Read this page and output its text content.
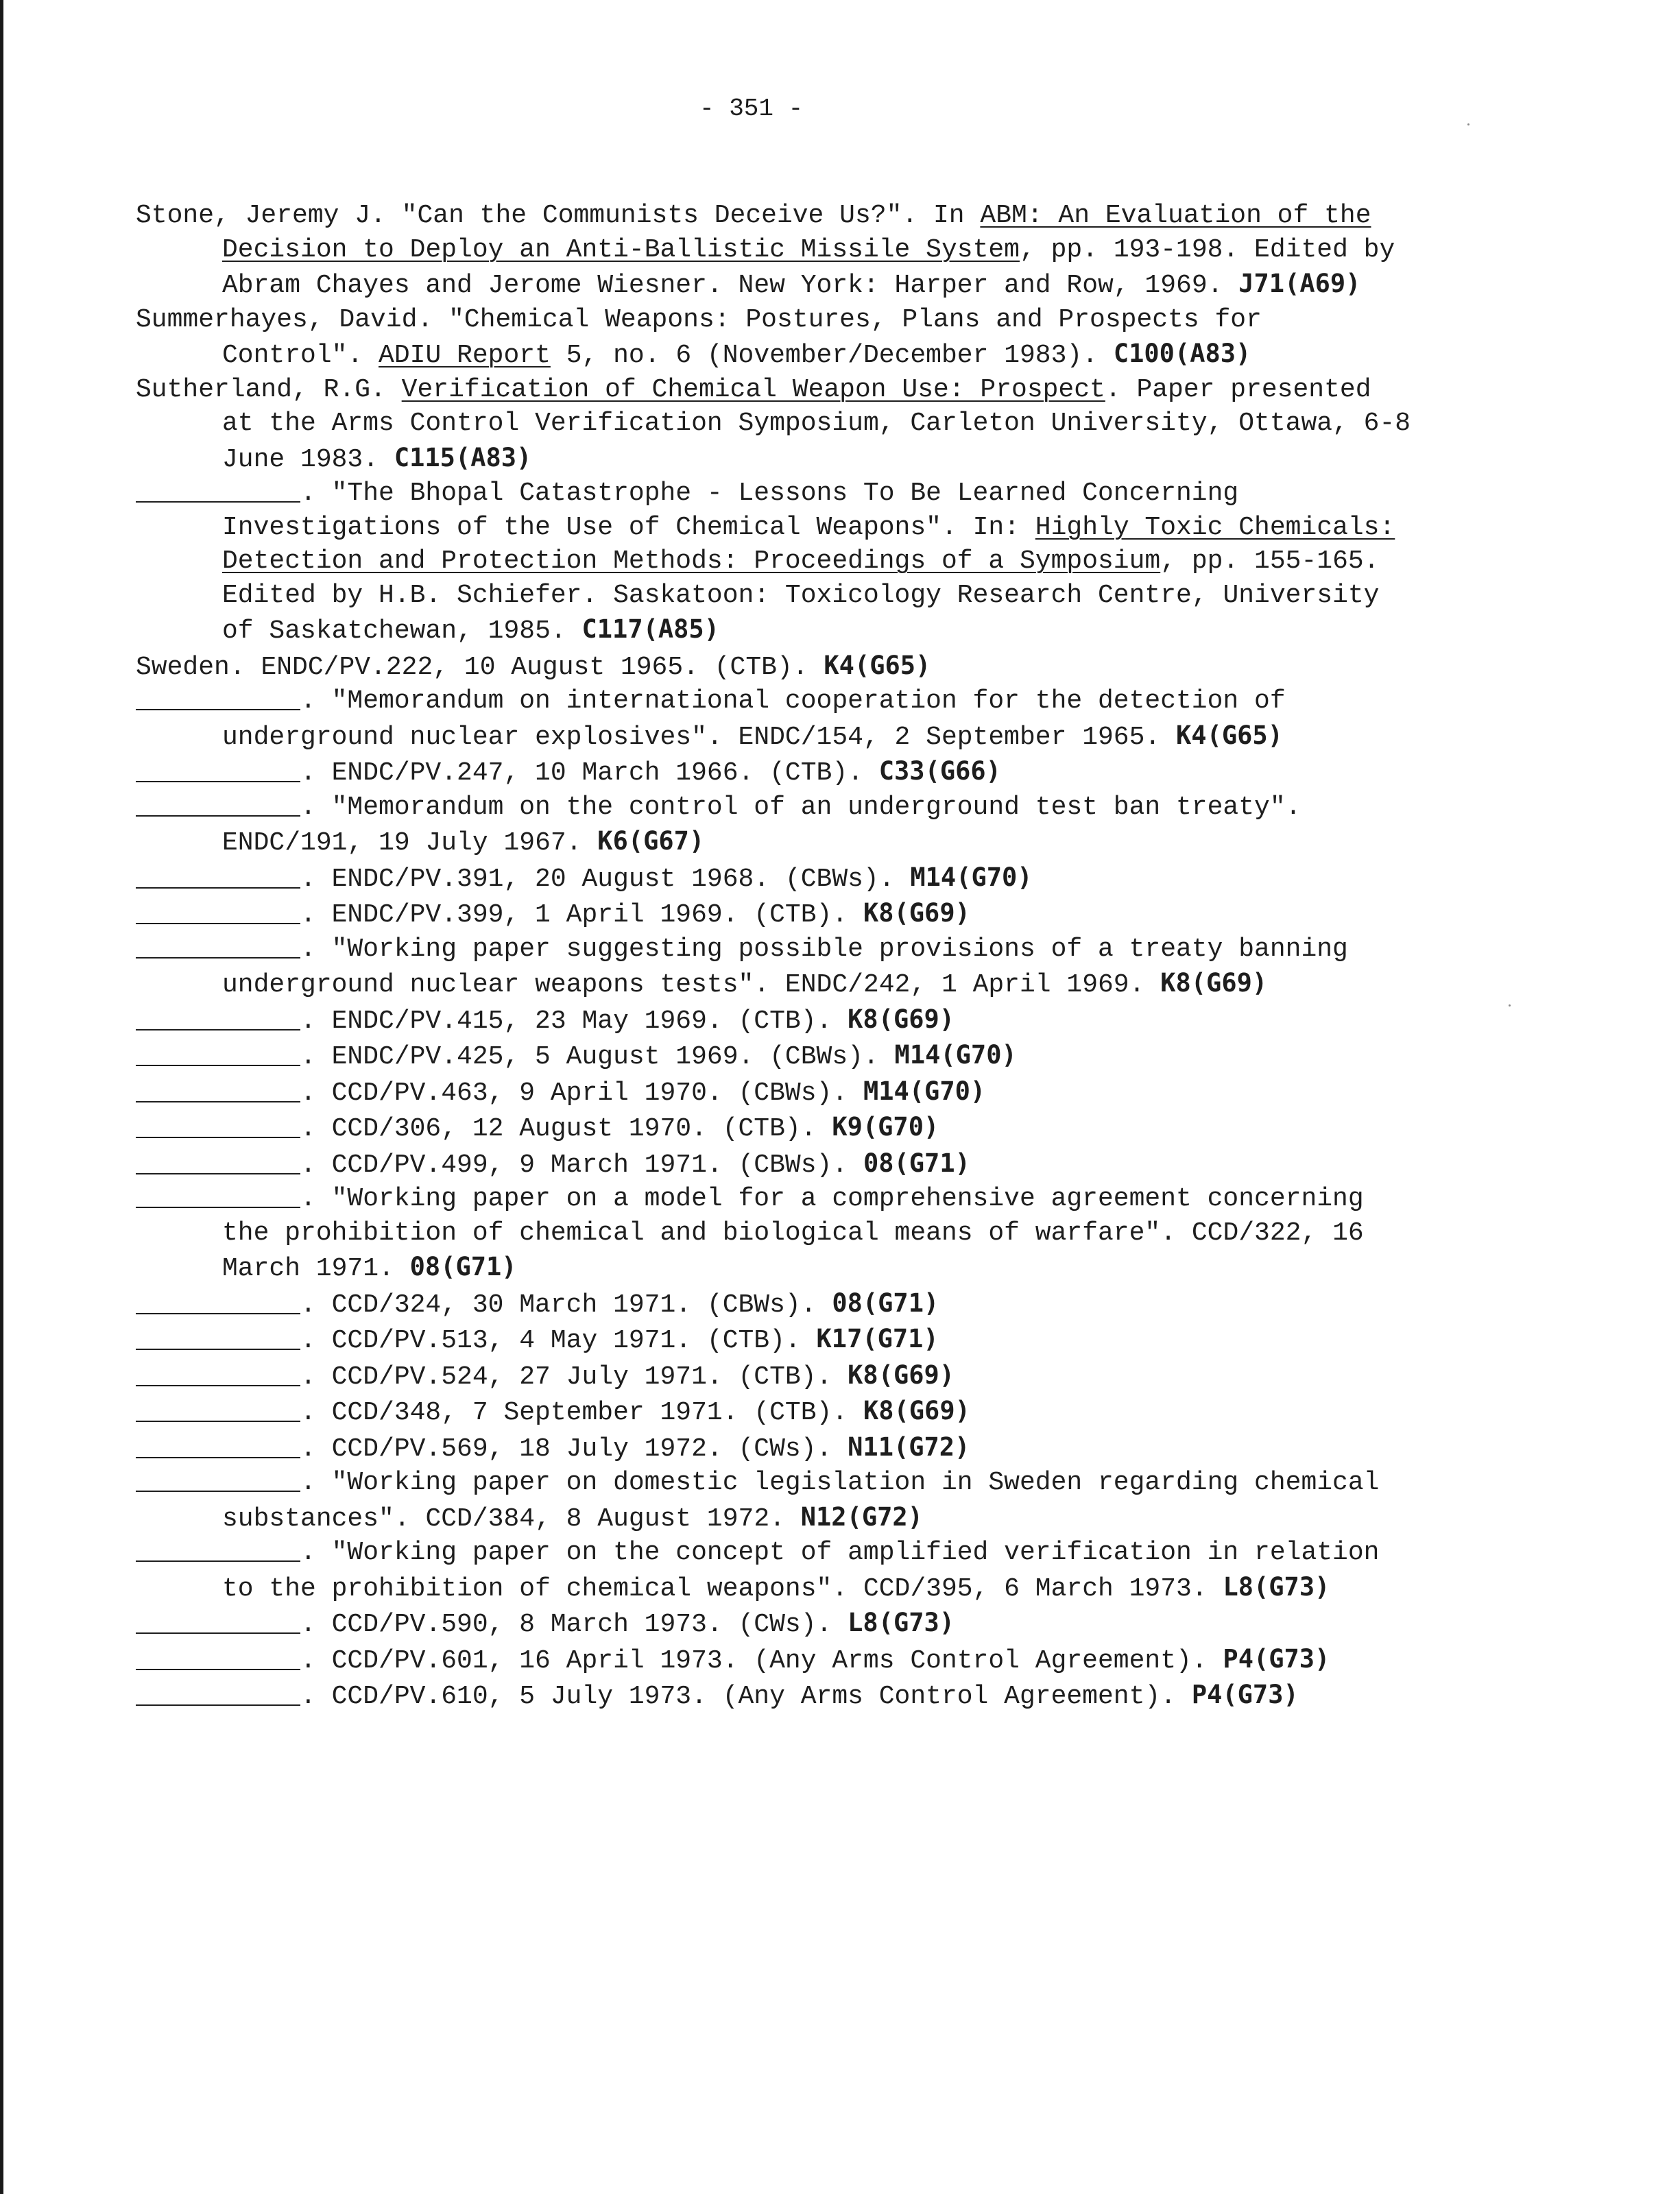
- 351 -
Stone, Jeremy J. "Can the Communists Deceive Us?". In ABM: An Evaluation of the Decision to Deploy an Anti-Ballistic Missile System, pp. 193-198. Edited by Abram Chayes and Jerome Wiesner. New York: Harper and Row, 1969. J71(A69)
Summerhayes, David. "Chemical Weapons: Postures, Plans and Prospects for Control". ADIU Report 5, no. 6 (November/December 1983). C100(A83)
Sutherland, R.G. Verification of Chemical Weapon Use: Prospect. Paper presented at the Arms Control Verification Symposium, Carleton University, Ottawa, 6-8 June 1983. C115(A83)
. "The Bhopal Catastrophe - Lessons To Be Learned Concerning Investigations of the Use of Chemical Weapons". In: Highly Toxic Chemicals: Detection and Protection Methods: Proceedings of a Symposium, pp. 155-165. Edited by H.B. Schiefer. Saskatoon: Toxicology Research Centre, University of Saskatchewan, 1985. C117(A85)
Sweden. ENDC/PV.222, 10 August 1965. (CTB). K4(G65)
. "Memorandum on international cooperation for the detection of underground nuclear explosives". ENDC/154, 2 September 1965. K4(G65)
. ENDC/PV.247, 10 March 1966. (CTB). C33(G66)
. "Memorandum on the control of an underground test ban treaty". ENDC/191, 19 July 1967. K6(G67)
. ENDC/PV.391, 20 August 1968. (CBWs). M14(G70)
. ENDC/PV.399, 1 April 1969. (CTB). K8(G69)
. "Working paper suggesting possible provisions of a treaty banning underground nuclear weapons tests". ENDC/242, 1 April 1969. K8(G69)
. ENDC/PV.415, 23 May 1969. (CTB). K8(G69)
. ENDC/PV.425, 5 August 1969. (CBWs). M14(G70)
. CCD/PV.463, 9 April 1970. (CBWs). M14(G70)
. CCD/306, 12 August 1970. (CTB). K9(G70)
. CCD/PV.499, 9 March 1971. (CBWs). 08(G71)
. "Working paper on a model for a comprehensive agreement concerning the prohibition of chemical and biological means of warfare". CCD/322, 16 March 1971. 08(G71)
. CCD/324, 30 March 1971. (CBWs). 08(G71)
. CCD/PV.513, 4 May 1971. (CTB). K17(G71)
. CCD/PV.524, 27 July 1971. (CTB). K8(G69)
. CCD/348, 7 September 1971. (CTB). K8(G69)
. CCD/PV.569, 18 July 1972. (CWs). N11(G72)
. "Working paper on domestic legislation in Sweden regarding chemical substances". CCD/384, 8 August 1972. N12(G72)
. "Working paper on the concept of amplified verification in relation to the prohibition of chemical weapons". CCD/395, 6 March 1973. L8(G73)
. CCD/PV.590, 8 March 1973. (CWs). L8(G73)
. CCD/PV.601, 16 April 1973. (Any Arms Control Agreement). P4(G73)
. CCD/PV.610, 5 July 1973. (Any Arms Control Agreement). P4(G73)
